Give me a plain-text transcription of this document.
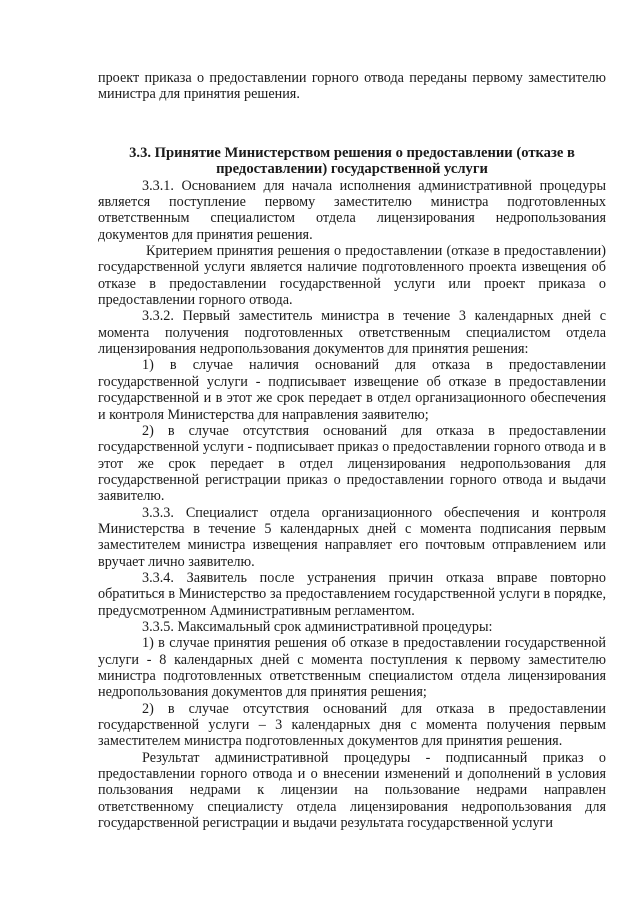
проект приказа о предоставлении горного отвода переданы первому заместителю министра для принятия решения.

3.3. Принятие Министерством решения о предоставлении (отказе в предоставлении) государственной услуги

3.3.1. Основанием для начала исполнения административной процедуры является поступление первому заместителю министра подготовленных ответственным специалистом отдела лицензирования недропользования документов для принятия решения.

Критерием принятия решения о предоставлении (отказе в предоставлении) государственной услуги является наличие подготовленного проекта извещения об отказе в предоставлении государственной услуги или проект приказа о предоставлении горного отвода.

3.3.2. Первый заместитель министра в течение 3 календарных дней с момента получения подготовленных ответственным специалистом отдела лицензирования недропользования документов для принятия решения:

1) в случае наличия оснований для отказа в предоставлении государственной услуги - подписывает извещение об отказе в предоставлении государственной и в этот же срок передает в отдел организационного обеспечения и контроля Министерства для направления заявителю;

2) в случае отсутствия оснований для отказа в предоставлении государственной услуги - подписывает приказ о предоставлении горного отвода и в этот же срок передает в отдел лицензирования недропользования для государственной регистрации приказ о предоставлении горного отвода и выдачи заявителю.

3.3.3. Специалист отдела организационного обеспечения и контроля Министерства в течение 5 календарных дней с момента подписания первым заместителем министра извещения направляет его почтовым отправлением или вручает лично заявителю.

3.3.4. Заявитель после устранения причин отказа вправе повторно обратиться в Министерство за предоставлением государственной услуги в порядке, предусмотренном Административным регламентом.

3.3.5. Максимальный срок административной процедуры:

1) в случае принятия решения об отказе в предоставлении государственной услуги - 8 календарных дней с момента поступления к первому заместителю министра подготовленных ответственным специалистом отдела лицензирования недропользования документов для принятия решения;

2) в случае отсутствия оснований для отказа в предоставлении государственной услуги – 3 календарных дня с момента получения первым заместителем министра подготовленных документов для принятия решения.

Результат административной процедуры - подписанный приказ о предоставлении горного отвода и о внесении изменений и дополнений в условия пользования недрами к лицензии на пользование недрами направлен ответственному специалисту отдела лицензирования недропользования для государственной регистрации и выдачи результата государственной услуги
